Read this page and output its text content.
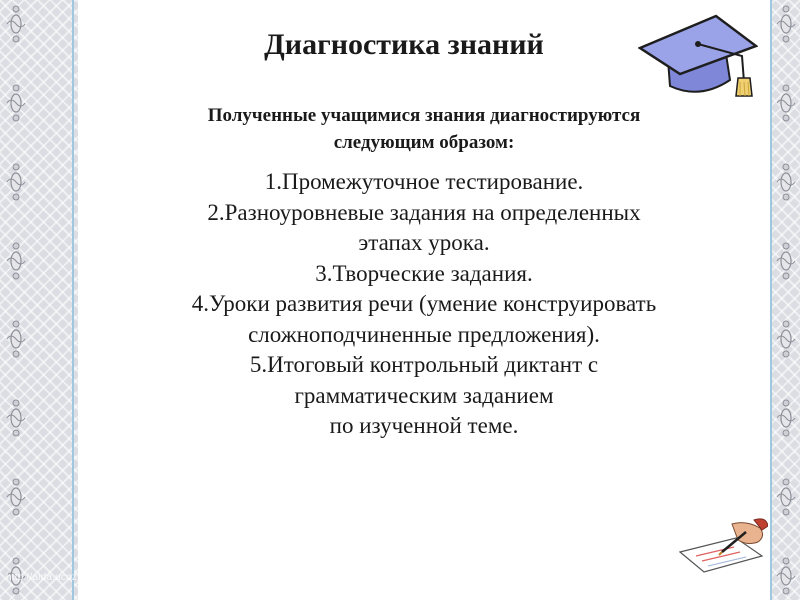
Диагностика знаний
Полученные учащимися знания диагностируются
следующим образом:
1.Промежуточное тестирование.
2.Разноуровневые задания на определенных
этапах урока.
3.Творческие задания.
4.Уроки развития речи (умение конструировать
сложноподчиненные предложения).
5.Итоговый контрольный диктант с
грамматическим заданием
по изученной теме.
http://aida.ucoz.ru
